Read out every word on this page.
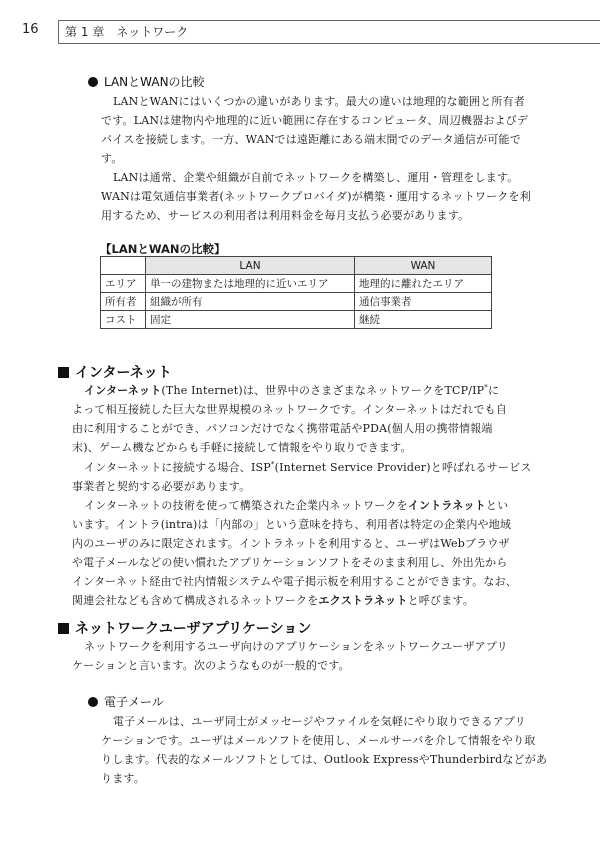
16 第 1 章　ネットワーク
LANとWANの比較
LANとWANにはいくつかの違いがあります。最大の違いは地理的な範囲と所有者
です。LANは建物内や地理的に近い範囲に存在するコンピュータ、周辺機器およびデ
バイスを接続します。一方、WANでは遠距離にある端末間でのデータ通信が可能で
す。
LANは通常、企業や組織が自前でネットワークを構築し、運用・管理をします。
WANは電気通信事業者(ネットワークプロバイダ)が構築・運用するネットワークを利
用するため、サービスの利用者は利用料金を毎月支払う必要があります。
【LANとWANの比較】
	LAN	WAN
エリア	単一の建物または地理的に近いエリア	地理的に離れたエリア
所有者	組織が所有	通信事業者
コスト	固定	継続
インターネット
インターネット(The Internet)は、世界中のさまざまなネットワークをTCP/IP*に
よって相互接続した巨大な世界規模のネットワークです。インターネットはだれでも自
由に利用することができ、パソコンだけでなく携帯電話やPDA(個人用の携帯情報端
末)、ゲーム機などからも手軽に接続して情報をやり取りできます。
インターネットに接続する場合、ISP*(Internet Service Provider)と呼ばれるサービス
事業者と契約する必要があります。
インターネットの技術を使って構築された企業内ネットワークをイントラネットとい
います。イントラ(intra)は「内部の」という意味を持ち、利用者は特定の企業内や地域
内のユーザのみに限定されます。イントラネットを利用すると、ユーザはWebブラウザ
や電子メールなどの使い慣れたアプリケーションソフトをそのまま利用し、外出先から
インターネット経由で社内情報システムや電子掲示板を利用することができます。なお、
関連会社なども含めて構成されるネットワークをエクストラネットと呼びます。
ネットワークユーザアプリケーション
ネットワークを利用するユーザ向けのアプリケーションをネットワークユーザアプリ
ケーションと言います。次のようなものが一般的です。
電子メール
電子メールは、ユーザ同士がメッセージやファイルを気軽にやり取りできるアプリ
ケーションです。ユーザはメールソフトを使用し、メールサーバを介して情報をやり取
りします。代表的なメールソフトとしては、Outlook ExpressやThunderbirdなどがあ
ります。
